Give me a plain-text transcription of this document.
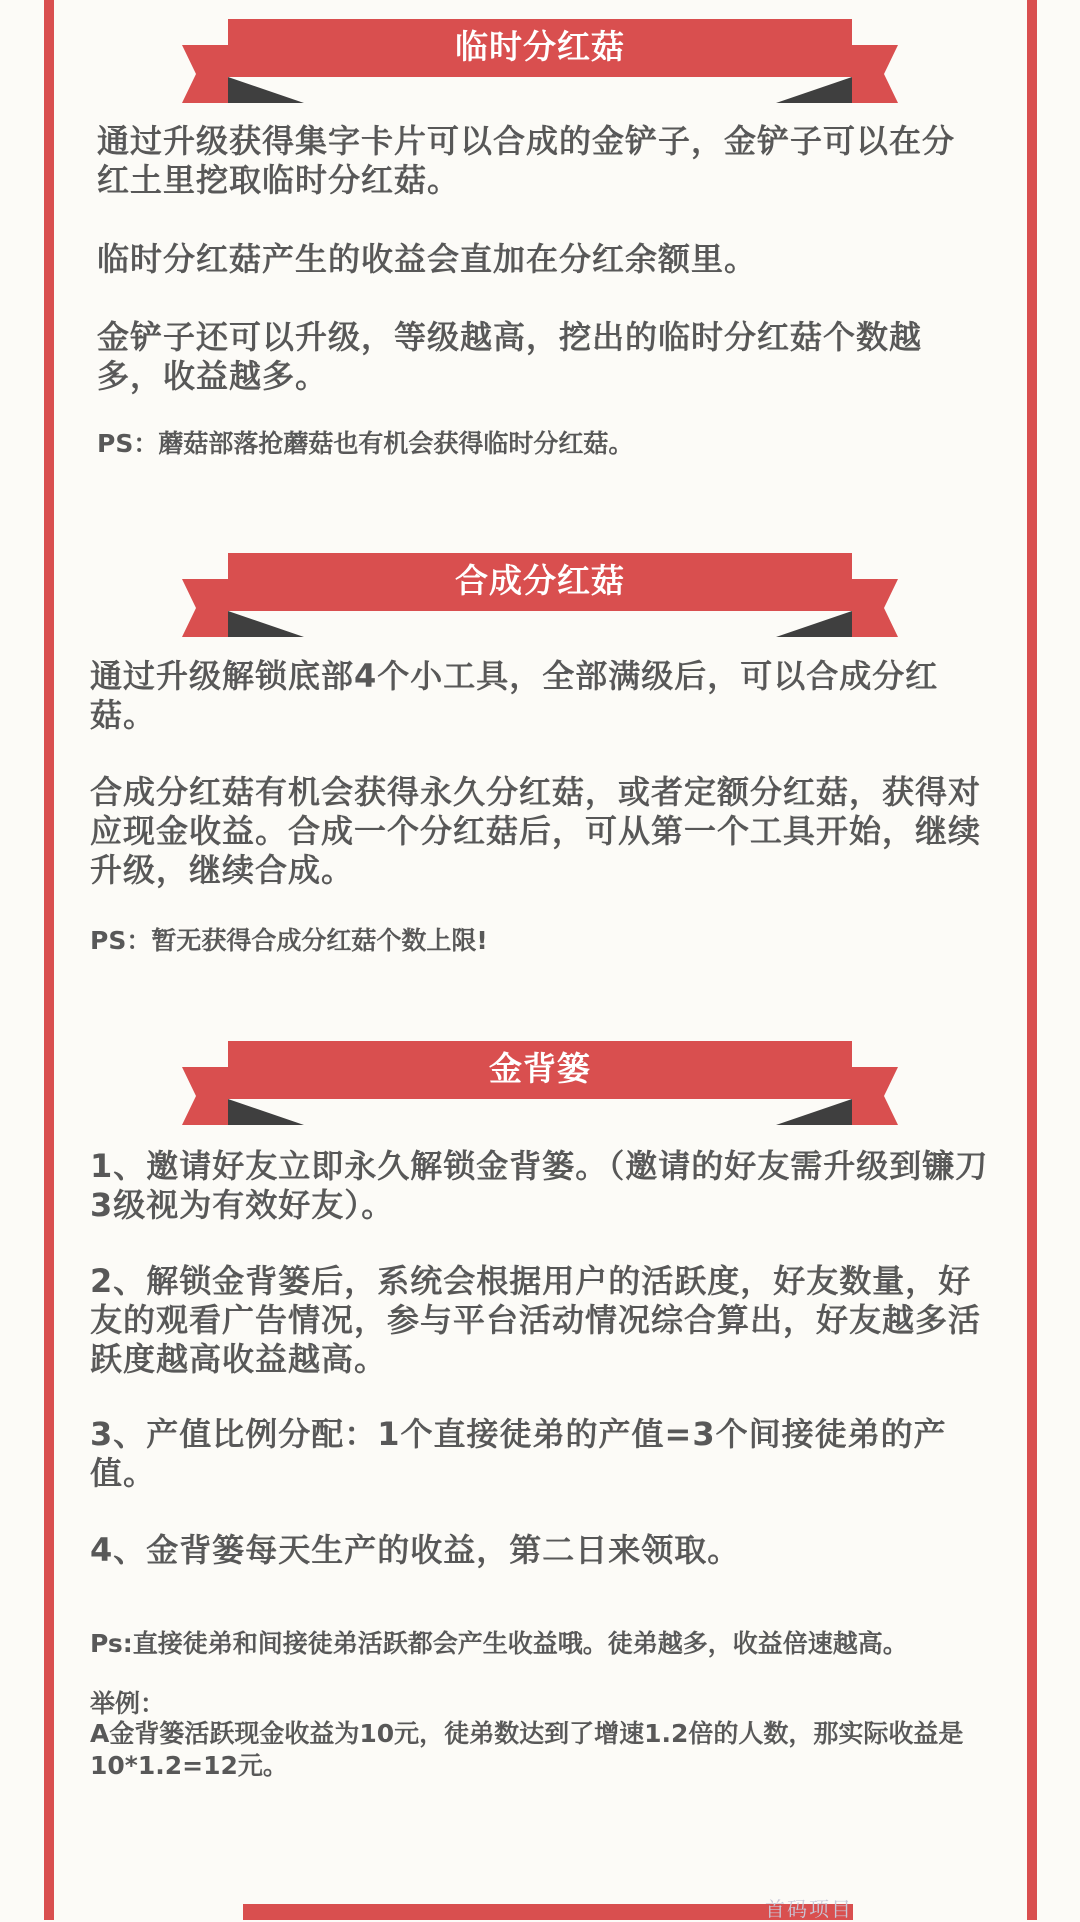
临时分红菇

通过升级获得集字卡片可以合成的金铲子，金铲子可以在分红土里挖取临时分红菇。

临时分红菇产生的收益会直加在分红余额里。

金铲子还可以升级，等级越高，挖出的临时分红菇个数越多，收益越多。

PS：蘑菇部落抢蘑菇也有机会获得临时分红菇。

合成分红菇

通过升级解锁底部4个小工具，全部满级后，可以合成分红菇。

合成分红菇有机会获得永久分红菇，或者定额分红菇，获得对应现金收益。合成一个分红菇后，可从第一个工具开始，继续升级，继续合成。

PS：暂无获得合成分红菇个数上限!

金背篓

1、邀请好友立即永久解锁金背篓。（邀请的好友需升级到镰刀3级视为有效好友）。

2、解锁金背篓后，系统会根据用户的活跃度，好友数量，好友的观看广告情况，参与平台活动情况综合算出，好友越多活跃度越高收益越高。

3、产值比例分配：1个直接徒弟的产值=3个间接徒弟的产值。

4、金背篓每天生产的收益，第二日来领取。

Ps:直接徒弟和间接徒弟活跃都会产生收益哦。徒弟越多，收益倍速越高。

举例：

A金背篓活跃现金收益为10元，徒弟数达到了增速1.2倍的人数，那实际收益是10*1.2=12元。

首码项目
